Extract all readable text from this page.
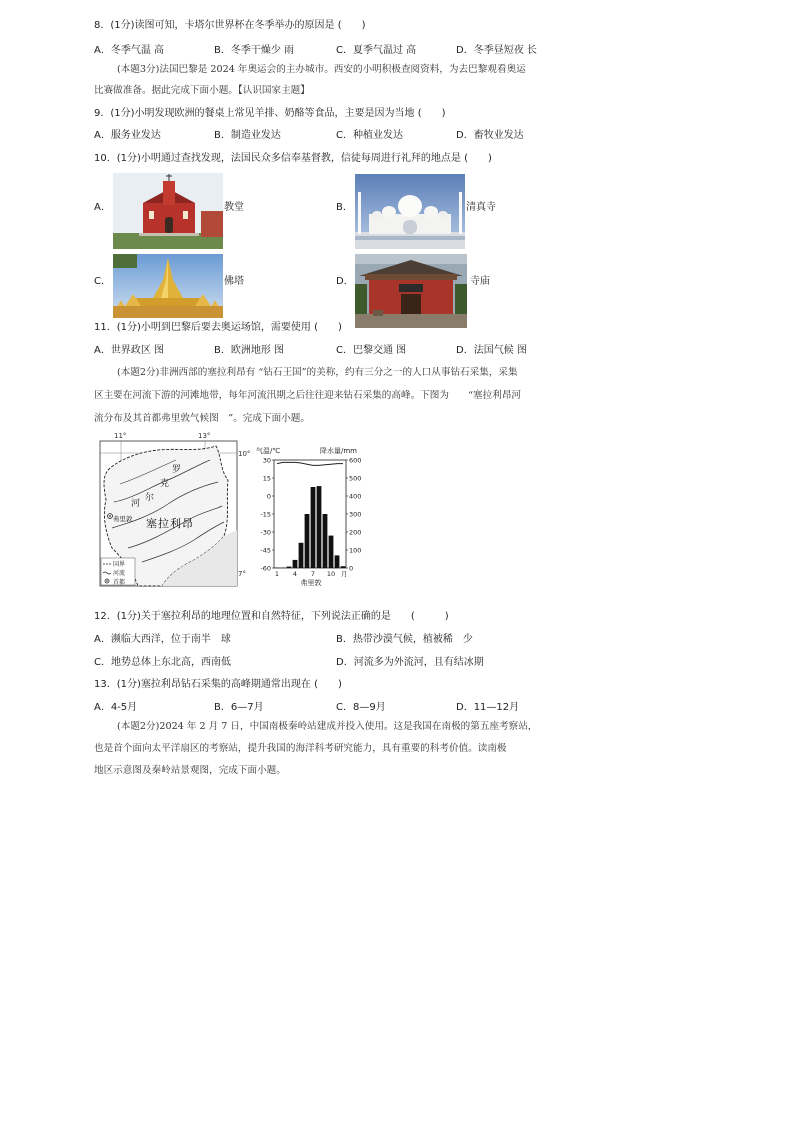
8．(1分)读图可知，卡塔尔世界杯在冬季举办的原因是 (　　)
A．冬季气温 高	B．冬季干燥少 雨	C．夏季气温过 高	D．冬季昼短夜 长
(本题3分)法国巴黎是 2024 年奥运会的主办城市。西安的小明积极查阅资料，为去巴黎观看奥运
比赛做准备。据此完成下面小题。【认识国家主题】
9．(1分)小明发现欧洲的餐桌上常见羊排、奶酪等食品，主要是因为当地 (　　)
A．服务业发达	B．制造业发达	C．种植业发达	D．畜牧业发达
10．(1分)小明通过查找发现，法国民众多信奉基督教，信徒每周进行礼拜的地点是 (　　)
A．	教堂	B．	清真寺
C．	佛塔	D．	寺庙
11．(1分)小明到巴黎后要去奥运场馆，需要使用 (　　)
A．世界政区 图	B．欧洲地形 图	C．巴黎交通 图	D．法国气候 图
(本题2分)非洲西部的塞拉利昂有 “钻石王国”的美称，约有三分之一的人口从事钻石采集，采集
区主要在河流下游的河滩地带，每年河流汛期之后往往迎来钻石采集的高峰。下图为　　“塞拉利昂河
流分布及其首都弗里敦气候图　”。完成下面小题。
11°	13°
10°
7°
罗
克
尔
河
塞拉利昂
弗里敦
国界
河流
首都
气温/℃	降水量/mm
30	600
15	500
0	400
-15	300
-30	200
-45	100
-60	0
1 4 7 10 月
弗里敦
12．(1分)关于塞拉利昂的地理位置和自然特征，下列说法正确的是　　(　　　)
A．濒临大西洋，位于南半　球	B．热带沙漠气候，植被稀　少
C．地势总体上东北高，西南低	D．河流多为外流河，且有结冰期
13．(1分)塞拉利昂钻石采集的高峰期通常出现在 (　　)
A．4-5月	B．6—7月	C．8—9月	D．11—12月
(本题2分)2024 年 2 月 7 日，中国南极秦岭站建成并投入使用。这是我国在南极的第五座考察站，
也是首个面向太平洋扇区的考察站，提升我国的海洋科考研究能力，具有重要的科考价值。读南极
地区示意图及秦岭站景观图，完成下面小题。
